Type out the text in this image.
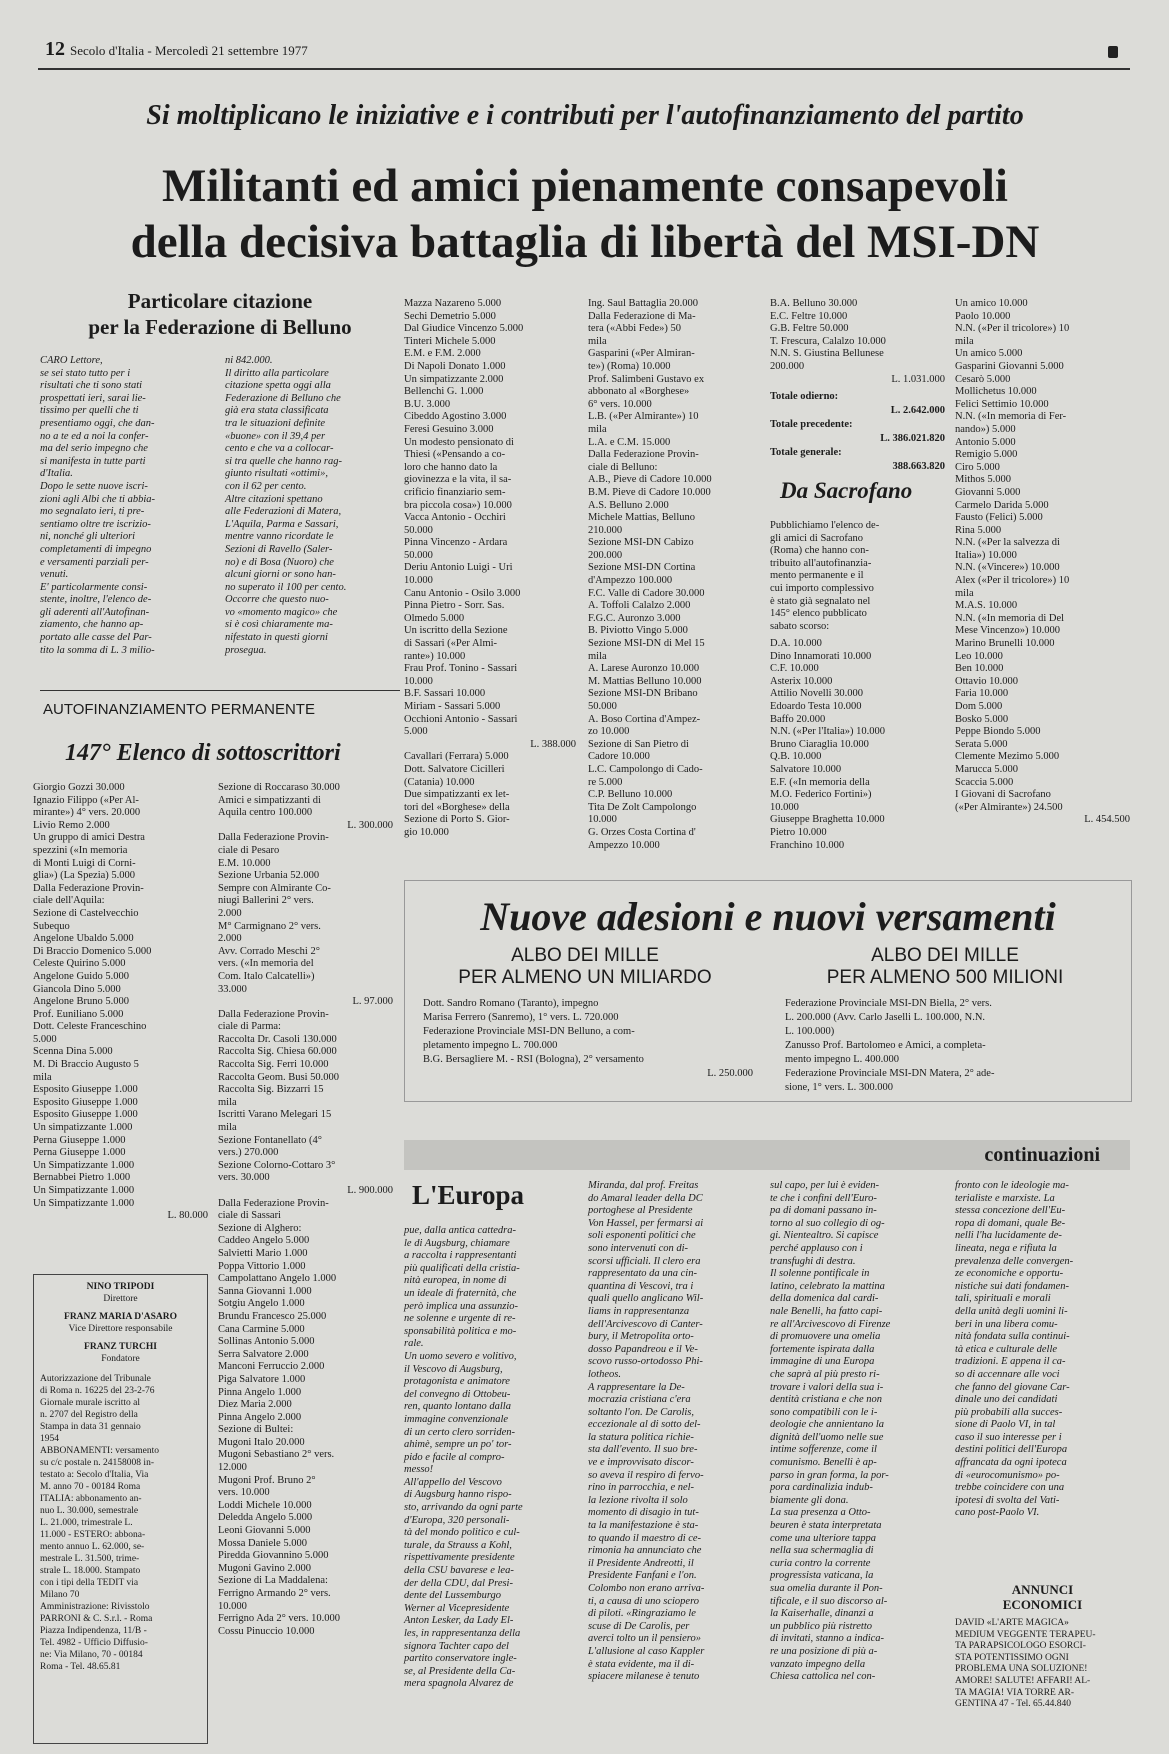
12 Secolo d'Italia - Mercoledì 21 settembre 1977
Si moltiplicano le iniziative e i contributi per l'autofinanziamento del partito
Militanti ed amici pienamente consapevoli
della decisiva battaglia di libertà del MSI-DN
Particolare citazione
per la Federazione di Belluno
CARO Lettore,
se sei stato tutto per i
risultati che ti sono stati
prospettati ieri, sarai lie-
tissimo per quelli che ti
presentiamo oggi, che dan-
no a te ed a noi la confer-
ma del serio impegno che
si manifesta in tutte parti
d'Italia.
Dopo le sette nuove iscri-
zioni agli Albi che ti abbia-
mo segnalato ieri, ti pre-
sentiamo oltre tre iscrizio-
ni, nonché gli ulteriori
completamenti di impegno
e versamenti parziali per-
venuti.
E' particolarmente consi-
stente, inoltre, l'elenco de-
gli aderenti all'Autofinan-
ziamento, che hanno ap-
portato alle casse del Par-
tito la somma di L. 3 milio-
ni 842.000.
Il diritto alla particolare
citazione spetta oggi alla
Federazione di Belluno che
già era stata classificata
tra le situazioni definite
«buone» con il 39,4 per
cento e che va a collocar-
si tra quelle che hanno rag-
giunto risultati «ottimi»,
con il 62 per cento.
Altre citazioni spettano
alle Federazioni di Matera,
L'Aquila, Parma e Sassari,
mentre vanno ricordate le
Sezioni di Ravello (Saler-
no) e di Bosa (Nuoro) che
alcuni giorni or sono han-
no superato il 100 per cento.
Occorre che questo nuo-
vo «momento magico» che
si è così chiaramente ma-
nifestato in questi giorni
prosegua.
AUTOFINANZIAMENTO PERMANENTE
147° Elenco di sottoscrittori
Giorgio Gozzi 30.000
Ignazio Filippo («Per Al-
mirante») 4° vers. 20.000
Livio Remo 2.000
Un gruppo di amici Destra
spezzini («In memoria
di Monti Luigi di Corni-
glia») (La Spezia) 5.000
Dalla Federazione Provin-
ciale dell'Aquila:
Sezione di Castelvecchio
Subequo
Angelone Ubaldo 5.000
Di Braccio Domenico 5.000
Celeste Quirino 5.000
Angelone Guido 5.000
Giancola Dino 5.000
Angelone Bruno 5.000
Prof. Euniliano 5.000
Dott. Celeste Franceschino
5.000
Scenna Dina 5.000
M. Di Braccio Augusto 5
mila
Esposito Giuseppe 1.000
Esposito Giuseppe 1.000
Esposito Giuseppe 1.000
Un simpatizzante 1.000
Perna Giuseppe 1.000
Perna Giuseppe 1.000
Un Simpatizzante 1.000
Bernabbei Pietro 1.000
Un Simpatizzante 1.000
Un Simpatizzante 1.000
L. 80.000
Sezione di Roccaraso 30.000
Amici e simpatizzanti di
Aquila centro 100.000
L. 300.000
Dalla Federazione Provin-
ciale di Pesaro
E.M. 10.000
Sezione Urbania 52.000
Sempre con Almirante Co-
niugi Ballerini 2° vers.
2.000
M° Carmignano 2° vers.
2.000
Avv. Corrado Meschi 2°
vers. («In memoria del
Com. Italo Calcatelli»)
33.000
L. 97.000
Dalla Federazione Provin-
ciale di Parma:
Raccolta Dr. Casoli 130.000
Raccolta Sig. Chiesa 60.000
Raccolta Sig. Ferri 10.000
Raccolta Geom. Busi 50.000
Raccolta Sig. Bizzarri 15
mila
Iscritti Varano Melegari 15
mila
Sezione Fontanellato (4°
vers.) 270.000
Sezione Colorno-Cottaro 3°
vers. 30.000
L. 900.000
Dalla Federazione Provin-
ciale di Sassari
Sezione di Alghero:
Caddeo Angelo 5.000
Salvietti Mario 1.000
Poppa Vittorio 1.000
Campolattano Angelo 1.000
Sanna Giovanni 1.000
Sotgiu Angelo 1.000
Brundu Francesco 25.000
Cana Carmine 5.000
Sollinas Antonio 5.000
Serra Salvatore 2.000
Manconi Ferruccio 2.000
Piga Salvatore 1.000
Pinna Angelo 1.000
Diez Maria 2.000
Pinna Angelo 2.000
Sezione di Bultei:
Mugoni Italo 20.000
Mugoni Sebastiano 2° vers.
12.000
Mugoni Prof. Bruno 2°
vers. 10.000
Loddi Michele 10.000
Deledda Angelo 5.000
Leoni Giovanni 5.000
Mossa Daniele 5.000
Piredda Giovannino 5.000
Mugoni Gavino 2.000
Sezione di La Maddalena:
Ferrigno Armando 2° vers.
10.000
Ferrigno Ada 2° vers. 10.000
Cossu Pinuccio 10.000
NINO TRIPODI
Direttore
FRANZ MARIA D'ASARO
Vice Direttore responsabile
FRANZ TURCHI
Fondatore
Autorizzazione del Tribunale
di Roma n. 16225 del 23-2-76
Giornale murale iscritto al
n. 2707 del Registro della
Stampa in data 31 gennaio
1954
ABBONAMENTI: versamento
su c/c postale n. 24158008 in-
testato a: Secolo d'Italia, Via
M. anno 70 - 00184 Roma
ITALIA: abbonamento an-
nuo L. 30.000, semestrale
L. 21.000, trimestrale L.
11.000 - ESTERO: abbona-
mento annuo L. 62.000, se-
mestrale L. 31.500, trime-
strale L. 18.000. Stampato
con i tipi della TEDIT via
Milano 70
Amministrazione: Rivisstolo
PARRONI & C. S.r.l. - Roma
Piazza Indipendenza, 11/B -
Tel. 4982 - Ufficio Diffusio-
ne: Via Milano, 70 - 00184
Roma - Tel. 48.65.81
Mazza Nazareno 5.000
Sechi Demetrio 5.000
Dal Giudice Vincenzo 5.000
Tinteri Michele 5.000
E.M. e F.M. 2.000
Di Napoli Donato 1.000
Un simpatizzante 2.000
Bellenchi G. 1.000
B.U. 3.000
Cibeddo Agostino 3.000
Feresi Gesuino 3.000
Un modesto pensionato di
Thiesi («Pensando a co-
loro che hanno dato la
giovinezza e la vita, il sa-
crificio finanziario sem-
bra piccola cosa») 10.000
Vacca Antonio - Occhiri
50.000
Pinna Vincenzo - Ardara
50.000
Deriu Antonio Luigi - Uri
10.000
Canu Antonio - Osilo 3.000
Pinna Pietro - Sorr. Sas.
Olmedo 5.000
Un iscritto della Sezione
di Sassari («Per Almi-
rante») 10.000
Frau Prof. Tonino - Sassari
10.000
B.F. Sassari 10.000
Miriam - Sassari 5.000
Occhioni Antonio - Sassari
5.000
L. 388.000
Cavallari (Ferrara) 5.000
Dott. Salvatore Cicilleri
(Catania) 10.000
Due simpatizzanti ex let-
tori del «Borghese» della
Sezione di Porto S. Gior-
gio 10.000
Ing. Saul Battaglia 20.000
Dalla Federazione di Ma-
tera («Abbi Fede») 50
mila
Gasparini («Per Almiran-
te») (Roma) 10.000
Prof. Salimbeni Gustavo ex
abbonato al «Borghese»
6° vers. 10.000
L.B. («Per Almirante») 10
mila
L.A. e C.M. 15.000
Dalla Federazione Provin-
ciale di Belluno:
A.B., Pieve di Cadore 10.000
B.M. Pieve di Cadore 10.000
A.S. Belluno 2.000
Michele Mattias, Belluno
210.000
Sezione MSI-DN Cabizo
200.000
Sezione MSI-DN Cortina
d'Ampezzo 100.000
F.C. Valle di Cadore 30.000
A. Toffoli Calalzo 2.000
F.G.C. Auronzo 3.000
B. Piviotto Vingo 5.000
Sezione MSI-DN di Mel 15
mila
A. Larese Auronzo 10.000
M. Mattias Belluno 10.000
Sezione MSI-DN Bribano
50.000
A. Boso Cortina d'Ampez-
zo 10.000
Sezione di San Pietro di
Cadore 10.000
L.C. Campolongo di Cado-
re 5.000
C.P. Belluno 10.000
Tita De Zolt Campolongo
10.000
G. Orzes Costa Cortina d'
Ampezzo 10.000
B.A. Belluno 30.000
E.C. Feltre 10.000
G.B. Feltre 50.000
T. Frescura, Calalzo 10.000
N.N. S. Giustina Bellunese
200.000
L. 1.031.000
Totale odierno:
L. 2.642.000
Totale precedente:
L. 386.021.820
Totale generale:
388.663.820
Da Sacrofano
Pubblichiamo l'elenco de-
gli amici di Sacrofano
(Roma) che hanno con-
tribuito all'autofinanzia-
mento permanente e il
cui importo complessivo
è stato già segnalato nel
145° elenco pubblicato
sabato scorso:
D.A. 10.000
Dino Innamorati 10.000
C.F. 10.000
Asterix 10.000
Attilio Novelli 30.000
Edoardo Testa 10.000
Baffo 20.000
N.N. («Per l'Italia») 10.000
Bruno Ciaraglia 10.000
Q.B. 10.000
Salvatore 10.000
E.F. («In memoria della
M.O. Federico Fortini»)
10.000
Giuseppe Braghetta 10.000
Pietro 10.000
Franchino 10.000
Un amico 10.000
Paolo 10.000
N.N. («Per il tricolore») 10
mila
Un amico 5.000
Gasparini Giovanni 5.000
Cesarò 5.000
Mollichetus 10.000
Felici Settimio 10.000
N.N. («In memoria di Fer-
nando») 5.000
Antonio 5.000
Remigio 5.000
Ciro 5.000
Mithos 5.000
Giovanni 5.000
Carmelo Darida 5.000
Fausto (Felici) 5.000
Rina 5.000
N.N. («Per la salvezza di
Italia») 10.000
N.N. («Vincere») 10.000
Alex («Per il tricolore») 10
mila
M.A.S. 10.000
N.N. («In memoria di Del
Mese Vincenzo») 10.000
Marino Brunelli 10.000
Leo 10.000
Ben 10.000
Ottavio 10.000
Faria 10.000
Dom 5.000
Bosko 5.000
Peppe Biondo 5.000
Serata 5.000
Clemente Mezimo 5.000
Marucca 5.000
Scaccia 5.000
I Giovani di Sacrofano
(«Per Almirante») 24.500
L. 454.500
Nuove adesioni e nuovi versamenti
ALBO DEI MILLE
PER ALMENO UN MILIARDO
ALBO DEI MILLE
PER ALMENO 500 MILIONI
Dott. Sandro Romano (Taranto), impegno
Marisa Ferrero (Sanremo), 1° vers. L. 720.000
Federazione Provinciale MSI-DN Belluno, a com-
pletamento impegno L. 700.000
B.G. Bersagliere M. - RSI (Bologna), 2° versamento
L. 250.000
Federazione Provinciale MSI-DN Biella, 2° vers.
L. 200.000 (Avv. Carlo Jaselli L. 100.000, N.N.
L. 100.000)
Zanusso Prof. Bartolomeo e Amici, a completa-
mento impegno L. 400.000
Federazione Provinciale MSI-DN Matera, 2° ade-
sione, 1° vers. L. 300.000
continuazioni
L'Europa
pue, dalla antica cattedra-
le di Augsburg, chiamare
a raccolta i rappresentanti
più qualificati della cristia-
nità europea, in nome di
un ideale di fraternità, che
però implica una assunzio-
ne solenne e urgente di re-
sponsabilità politica e mo-
rale.
Un uomo severo e volitivo,
il Vescovo di Augsburg,
protagonista e animatore
del convegno di Ottobeu-
ren, quanto lontano dalla
immagine convenzionale
di un certo clero sorriden-
ahimè, sempre un po' tor-
pido e facile al compro-
messo!
All'appello del Vescovo
di Augsburg hanno rispo-
sto, arrivando da ogni parte
d'Europa, 320 personali-
tà del mondo politico e cul-
turale, da Strauss a Kohl,
rispettivamente presidente
della CSU bavarese e lea-
der della CDU, dal Presi-
dente del Lussemburgo
Werner al Vicepresidente
Anton Lesker, da Lady El-
les, in rappresentanza della
signora Tachter capo del
partito conservatore ingle-
se, al Presidente della Ca-
mera spagnola Alvarez de
Miranda, dal prof. Freitas
do Amaral leader della DC
portoghese al Presidente
Von Hassel, per fermarsi ai
soli esponenti politici che
sono intervenuti con di-
scorsi ufficiali. Il clero era
rappresentato da una cin-
quantina di Vescovi, tra i
quali quello anglicano Wil-
liams in rappresentanza
dell'Arcivescovo di Canter-
bury, il Metropolita orto-
dosso Papandreou e il Ve-
scovo russo-ortodosso Phi-
lotheos.
A rappresentare la De-
mocrazia cristiana c'era
soltanto l'on. De Carolis,
eccezionale al di sotto del-
la statura politica richie-
sta dall'evento. Il suo bre-
ve e improvvisato discor-
so aveva il respiro di fervo-
rino in parrocchia, e nel-
la lezione rivolta il solo
momento di disagio in tut-
ta la manifestazione è sta-
to quando il maestro di ce-
rimonia ha annunciato che
il Presidente Andreotti, il
Presidente Fanfani e l'on.
Colombo non erano arriva-
ti, a causa di uno sciopero
di piloti. «Ringraziamo le
scuse di De Carolis, per
averci tolto un il pensiero»
L'allusione al caso Kappler
è stata evidente, ma il di-
spiacere milanese è tenuto
sul capo, per lui è eviden-
te che i confini dell'Euro-
pa di domani passano in-
torno al suo collegio di og-
gi. Nientealtro. Si capisce
perché applauso con i
transfughi di destra.
Il solenne pontificale in
latino, celebrato la mattina
della domenica dal cardi-
nale Benelli, ha fatto capi-
re all'Arcivescovo di Firenze
di promuovere una omelia
fortemente ispirata dalla
immagine di una Europa
che saprà al più presto ri-
trovare i valori della sua i-
dentità cristiana e che non
sono compatibili con le i-
deologie che annientano la
dignità dell'uomo nelle sue
intime sofferenze, come il
comunismo. Benelli è ap-
parso in gran forma, la por-
pora cardinalizia indub-
biamente gli dona.
La sua presenza a Otto-
beuren è stata interpretata
come una ulteriore tappa
nella sua schermaglia di
curia contro la corrente
progressista vaticana, la
sua omelia durante il Pon-
tificale, e il suo discorso al-
la Kaiserhalle, dinanzi a
un pubblico più ristretto
di invitati, stanno a indica-
re una posizione di più a-
vanzato impegno della
Chiesa cattolica nel con-
fronto con le ideologie ma-
terialiste e marxiste. La
stessa concezione dell'Eu-
ropa di domani, quale Be-
nelli l'ha lucidamente de-
lineata, nega e rifiuta la
prevalenza delle convergen-
ze economiche e opportu-
nistiche sui dati fondamen-
tali, spirituali e morali
della unità degli uomini li-
beri in una libera comu-
nità fondata sulla continui-
tà etica e culturale delle
tradizioni. E appena il ca-
so di accennare alle voci
che fanno del giovane Car-
dinale uno dei candidati
più probabili alla succes-
sione di Paolo VI, in tal
caso il suo interesse per i
destini politici dell'Europa
affrancata da ogni ipoteca
di «eurocomunismo» po-
trebbe coincidere con una
ipotesi di svolta del Vati-
cano post-Paolo VI.
ANNUNCI
ECONOMICI
DAVID «L'ARTE MAGICA»
MEDIUM VEGGENTE TERAPEU-
TA PARAPSICOLOGO ESORCI-
STA POTENTISSIMO OGNI
PROBLEMA UNA SOLUZIONE!
AMORE! SALUTE! AFFARI! AL-
TA MAGIA! VIA TORRE AR-
GENTINA 47 - Tel. 65.44.840
